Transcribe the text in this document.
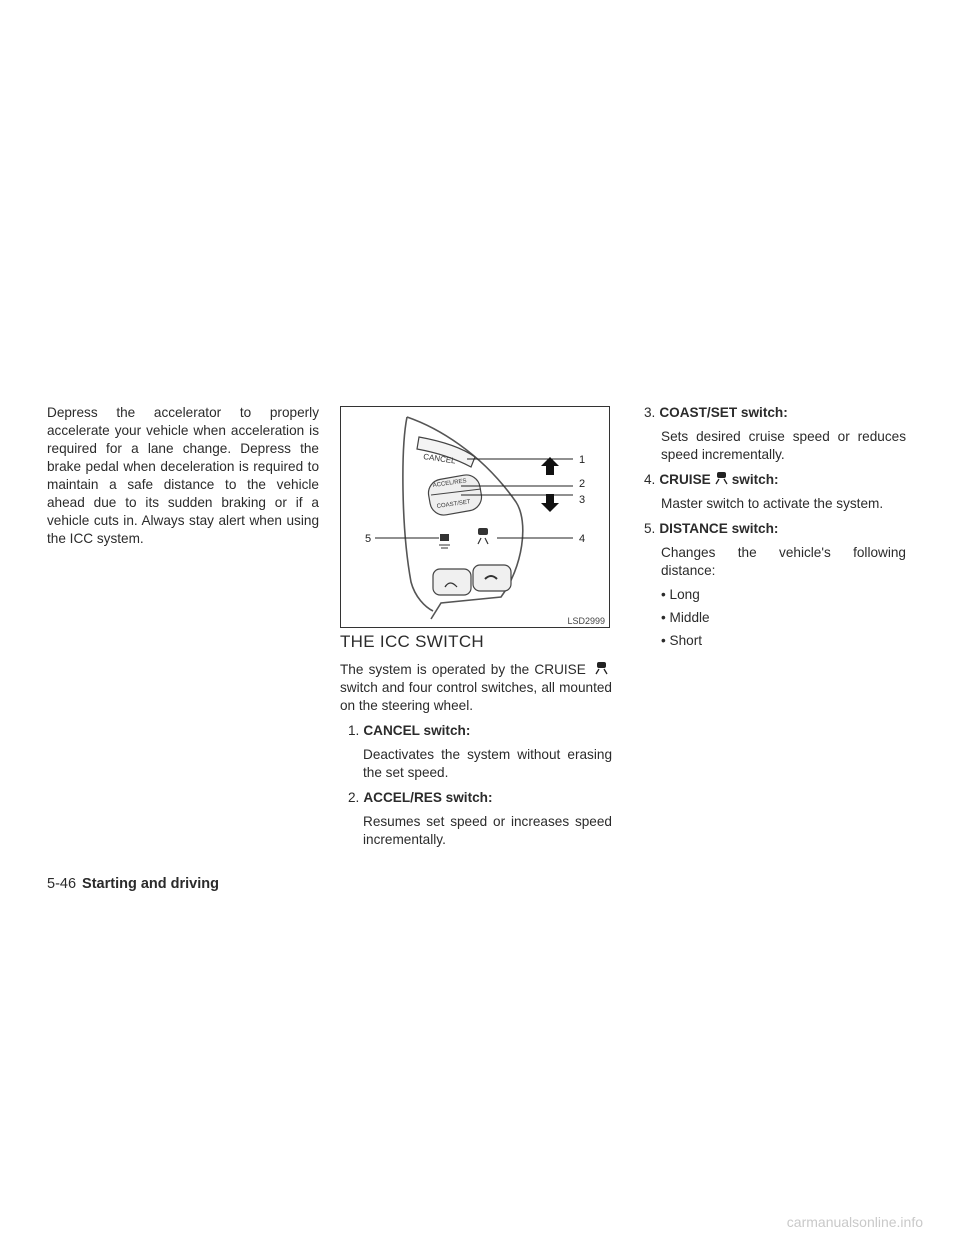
Depress the accelerator to properly accelerate your vehicle when acceleration is required for a lane change. Depress the brake pedal when deceleration is required to maintain a safe distance to the vehicle ahead due to its sudden braking or if a vehicle cuts in. Always stay alert when using the ICC system.

CANCEL
ACCEL/RES
COAST/SET
1
2
3
4
5
LSD2999
THE ICC SWITCH

The system is operated by the CRUISE  switch and four control switches, all mounted on the steering wheel.

1. CANCEL switch:

Deactivates the system without erasing the set speed.

2. ACCEL/RES switch:

Resumes set speed or increases speed incrementally.

3. COAST/SET switch:

Sets desired cruise speed or reduces speed incrementally.

4. CRUISE switch:

Master switch to activate the system.

5. DISTANCE switch:

Changes the vehicle's following distance:

• Long
• Middle
• Short
5-46 Starting and driving
carmanualsonline.info
